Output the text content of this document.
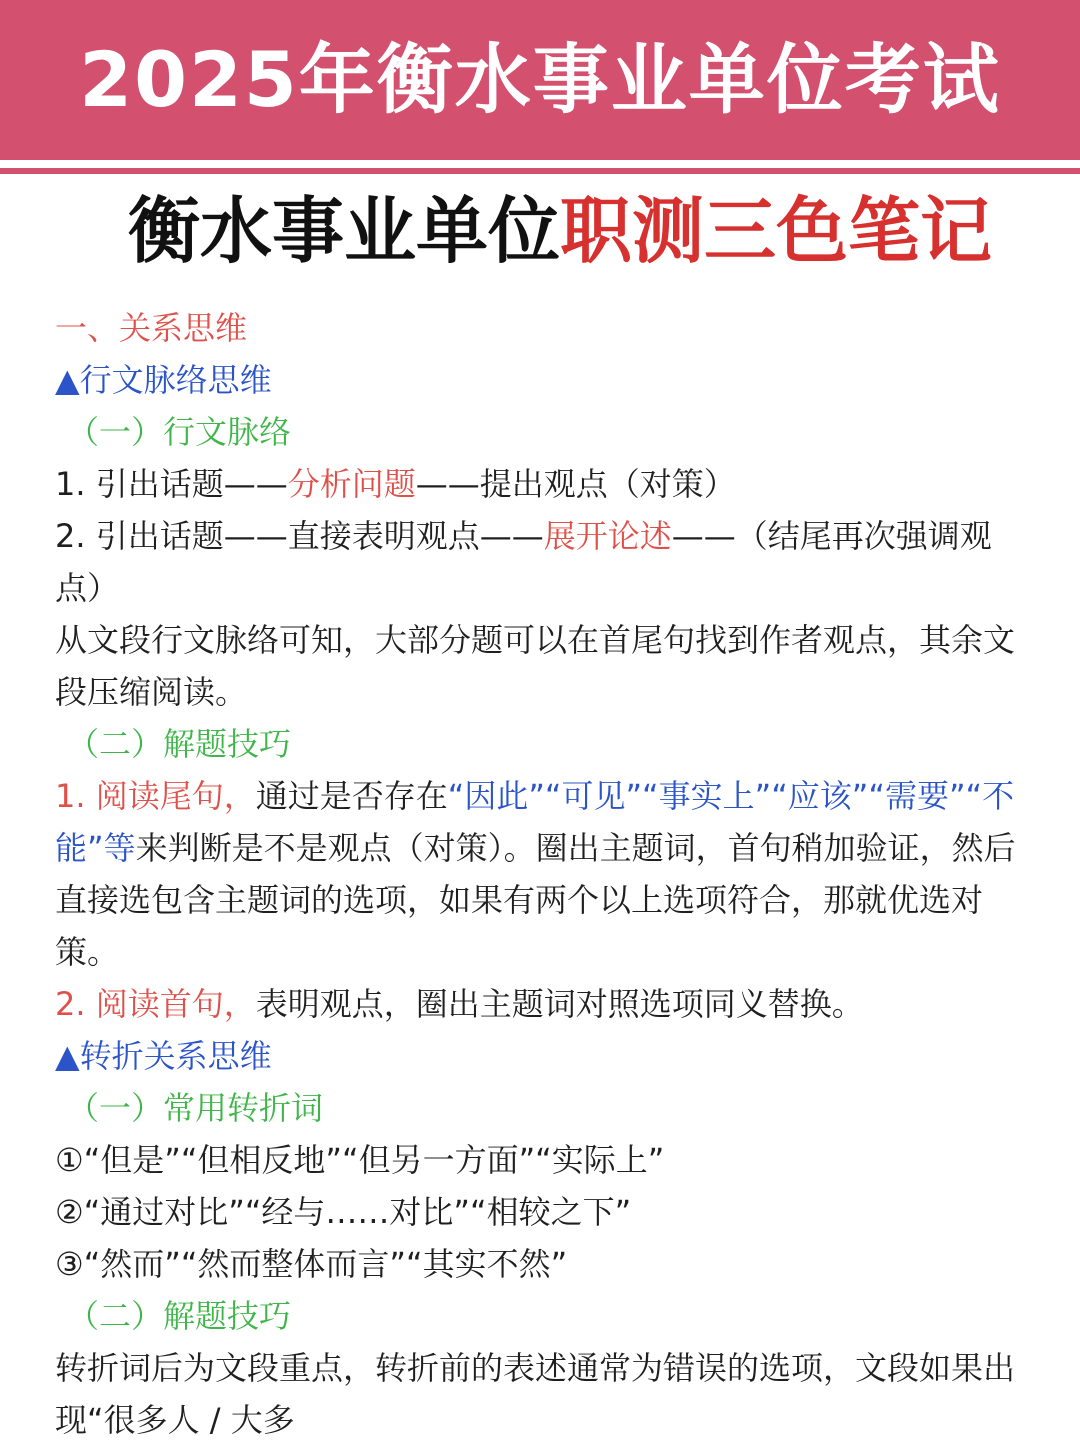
2025年衡水事业单位考试
衡水事业单位职测三色笔记

一、关系思维

▲行文脉络思维

（一）行文脉络

1. 引出话题——分析问题——提出观点（对策）

2. 引出话题——直接表明观点——展开论述——（结尾再次强调观点）

从文段行文脉络可知，大部分题可以在首尾句找到作者观点，其余文段压缩阅读。

（二）解题技巧

1. 阅读尾句，通过是否存在“因此”“可见”“事实上”“应该”“需要”“不能”等来判断是不是观点（对策）。圈出主题词，首句稍加验证，然后直接选包含主题词的选项，如果有两个以上选项符合，那就优选对策。

2. 阅读首句，表明观点，圈出主题词对照选项同义替换。

▲转折关系思维

（一）常用转折词

①“但是”“但相反地”“但另一方面”“实际上”

②“通过对比”“经与……对比”“相较之下”

③“然而”“然而整体而言”“其实不然”

（二）解题技巧

转折词后为文段重点，转折前的表述通常为错误的选项，文段如果出现“很多人 / 大多
